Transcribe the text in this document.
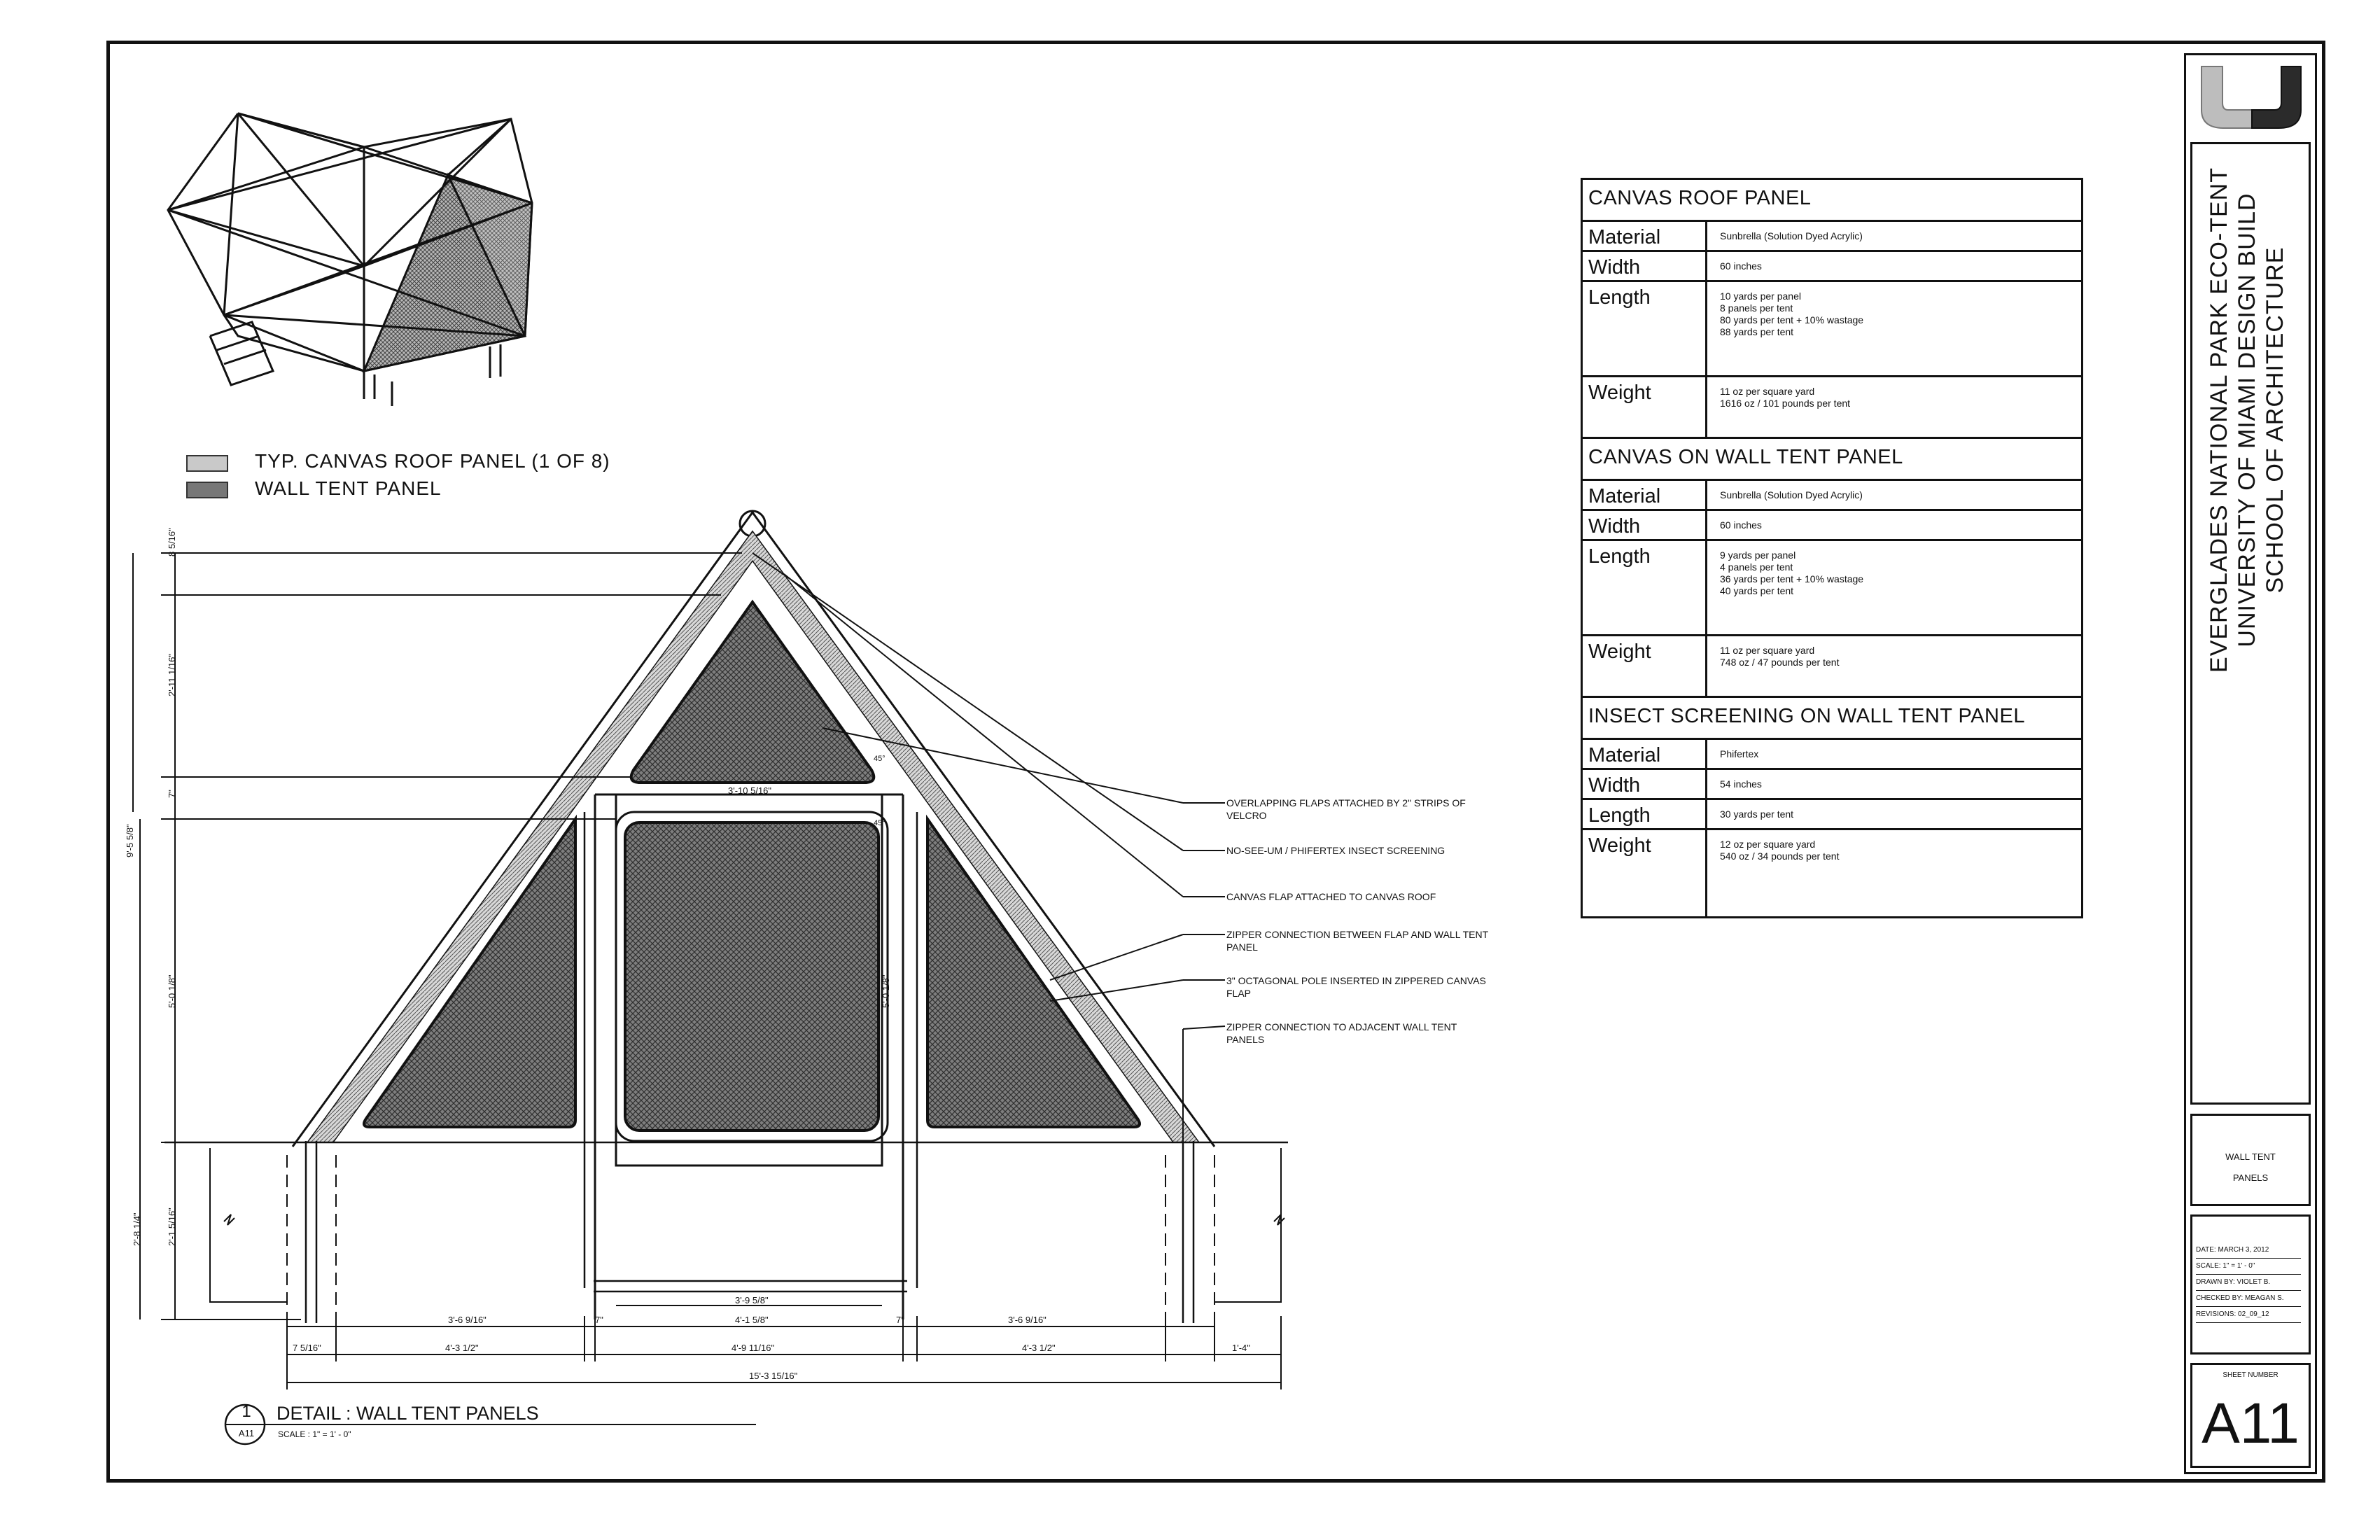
TYP. CANVAS ROOF PANEL (1 OF 8)
WALL TENT PANEL
8 5/16"
2'-11 1/16"
7"
9'-5 5/8"
5'-0 1/8"
2'-8 1/4"	2'-1 5/16"
5'-0 1/8"
3'-10 5/16"
45°
45°
3'-6 9/16"	7"	4'-1 5/8"	7"	3'-6 9/16"
3'-9 5/8"
7 5/16"	4'-3 1/2"	4'-9 11/16"	4'-3 1/2"	1'-4"
15'-3 15/16"
OVERLAPPING FLAPS ATTACHED BY 2" STRIPS OF VELCRO
NO-SEE-UM / PHIFERTEX INSECT SCREENING
CANVAS FLAP ATTACHED TO CANVAS ROOF
ZIPPER CONNECTION BETWEEN FLAP AND WALL TENT PANEL
3" OCTAGONAL POLE INSERTED IN ZIPPERED CANVAS FLAP
ZIPPER CONNECTION TO ADJACENT WALL TENT PANELS
1
A11
DETAIL : WALL TENT PANELS
SCALE : 1" = 1' - 0"
CANVAS ROOF PANEL
Material	Sunbrella (Solution Dyed Acrylic)
Width	60 inches
Length	10 yards per panel
8 panels per tent
80 yards per tent + 10% wastage
88 yards per tent
Weight	11 oz per square yard
1616 oz / 101 pounds per tent
CANVAS ON WALL TENT PANEL
Material	Sunbrella (Solution Dyed Acrylic)
Width	60 inches
Length	9 yards per panel
4 panels per tent
36 yards per tent + 10% wastage
40 yards per tent
Weight	11 oz per square yard
748 oz / 47 pounds per tent
INSECT SCREENING ON WALL TENT PANEL
Material	Phifertex
Width	54 inches
Length	30 yards per tent
Weight	12 oz per square yard
540 oz / 34 pounds per tent
WALL TENT
PANELS
DATE: MARCH 3, 2012
SCALE: 1" = 1' - 0"
DRAWN BY: VIOLET B.
CHECKED BY: MEAGAN S.
REVISIONS: 02_09_12
SHEET NUMBER
A11
EVERGLADES NATIONAL PARK ECO-TENT UNIVERSITY OF MIAMI DESIGN BUILD SCHOOL OF ARCHITECTURE
